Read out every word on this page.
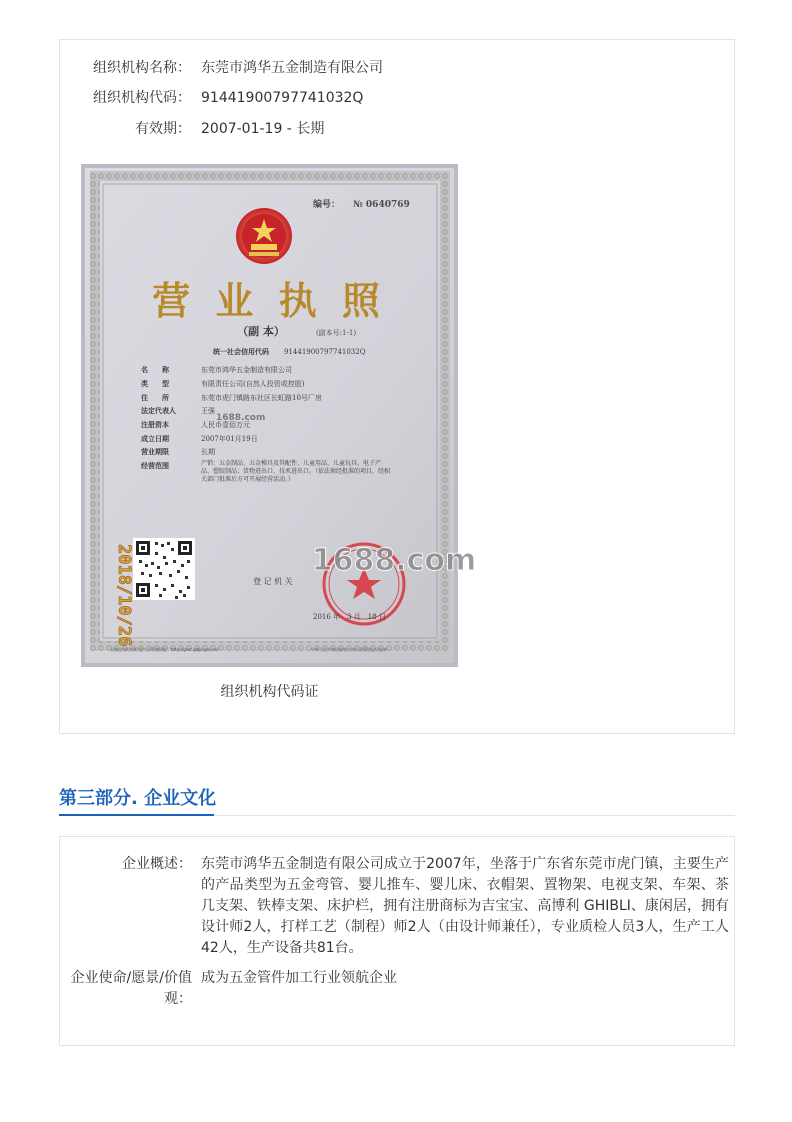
组织机构名称： 东莞市鸿华五金制造有限公司
组织机构代码： 91441900797741032Q
有效期： 2007-01-19 - 长期
编号： № 0640769
营 业 执 照
（副 本）	(副本号:1-1)
统一社会信用代码 91441900797741032Q
名　　称	东莞市鸿华五金制造有限公司
类　　型	有限责任公司(自然人投资或控股)
住　　所	东莞市虎门镇路东社区长虹路10号厂房
法定代表人	王强
注册资本	人民币壹佰万元
成立日期	2007年01月19日
营业期限	长期
经营范围	产销：五金制品、五金模具及其配件、儿童用品、儿童玩具、电子产品、塑胶制品；货物进出口、技术进出口。（依法须经批准的项目，经相关部门批准后方可开展经营活动。）
1688.com
2018/10/26	登 记 机 关
1688.com
2016 年　3 月　18 日
国家企业信用信息公示系统网址：http://gsxt.gdgs.gov.cn/	中华人民共和国国家工商行政管理总局监制
组织机构代码证
第三部分. 企业文化
企业概述： 东莞市鸿华五金制造有限公司成立于2007年，坐落于广东省东莞市虎门镇，主要生产的产品类型为五金弯管、婴儿推车、婴儿床、衣帽架、置物架、电视支架、车架、茶几支架、铁棒支架、床护栏，拥有注册商标为吉宝宝、高博利 GHIBLI、康闲居，拥有设计师2人，打样工艺（制程）师2人（由设计师兼任），专业质检人员3人，生产工人42人，生产设备共81台。
企业使命/愿景/价值观：
成为五金管件加工行业领航企业
